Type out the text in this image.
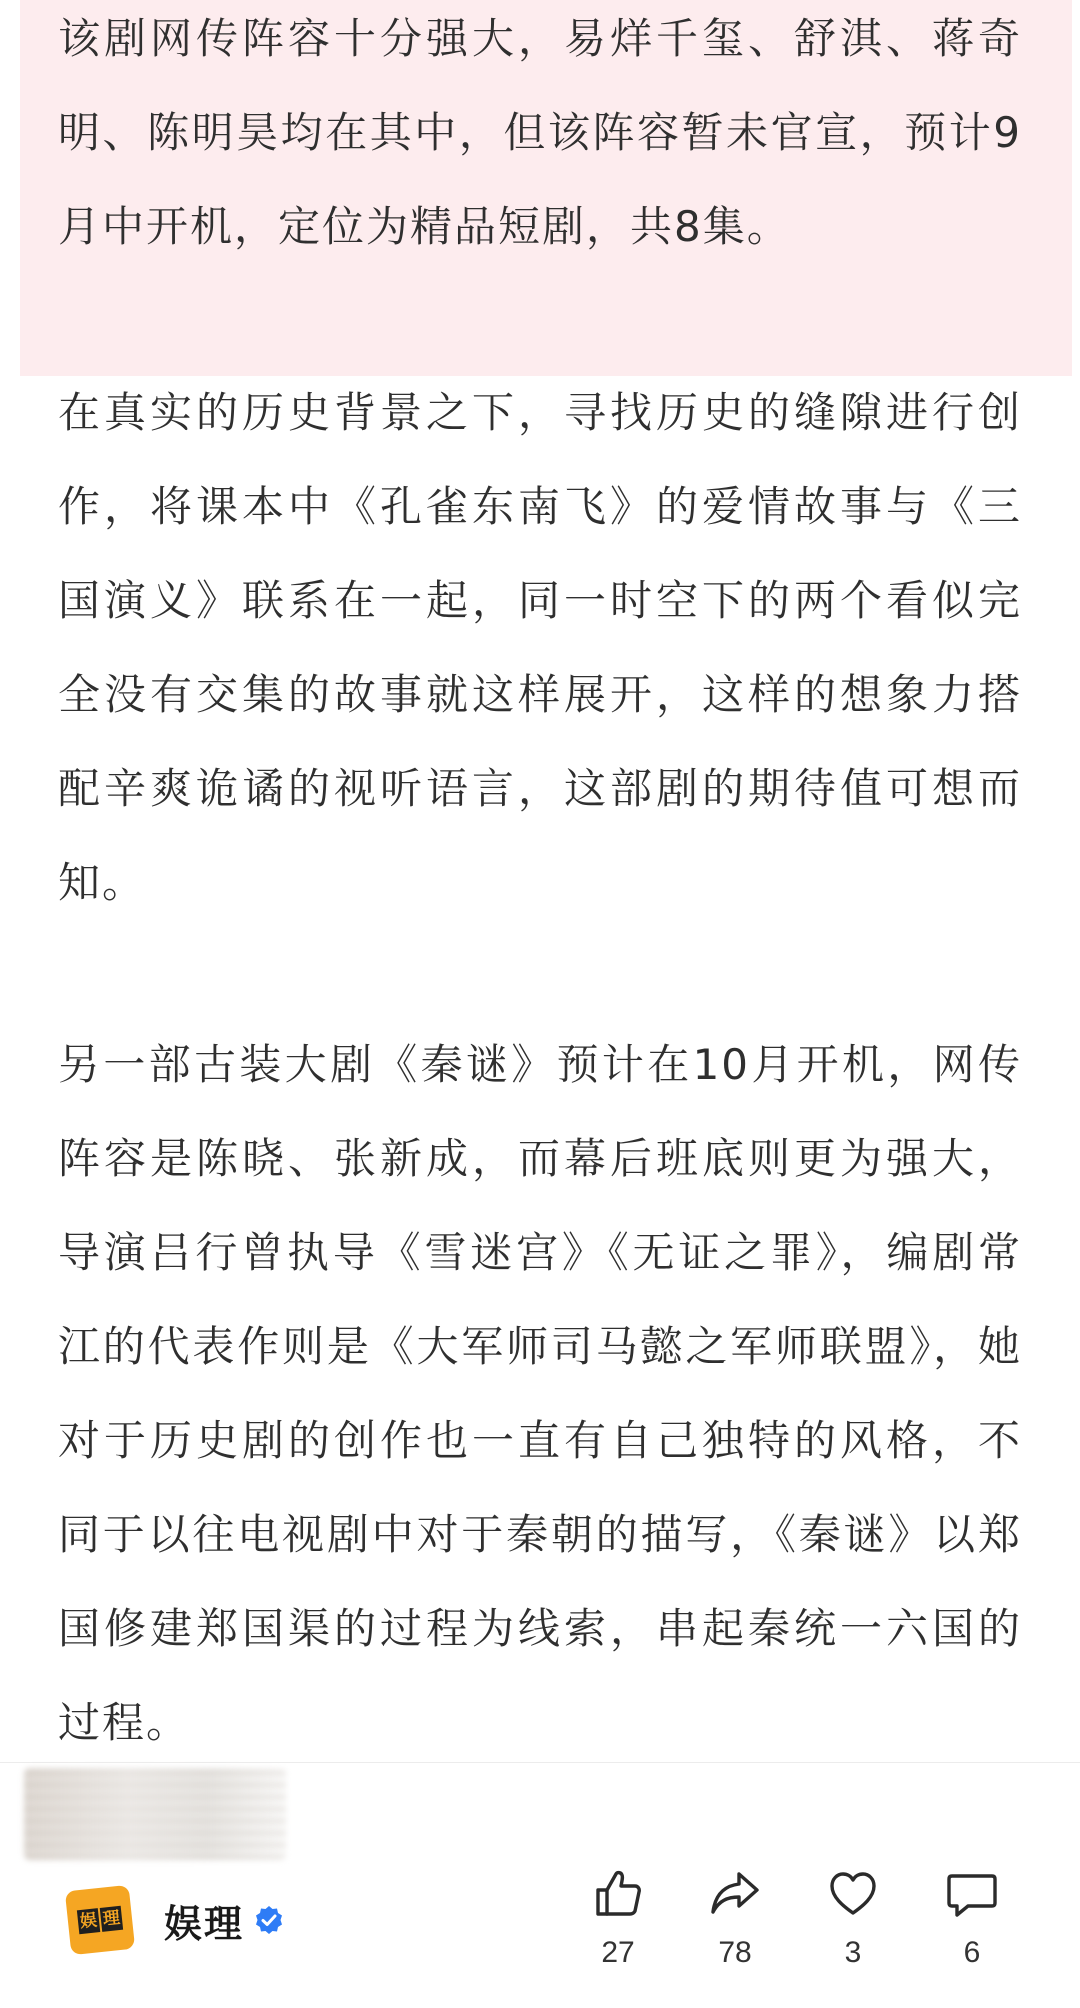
该剧网传阵容十分强大，易烊千玺、舒淇、蒋奇明、陈明昊均在其中，但该阵容暂未官宣，预计9月中开机，定位为精品短剧，共8集。

在真实的历史背景之下，寻找历史的缝隙进行创作，将课本中《孔雀东南飞》的爱情故事与《三国演义》联系在一起，同一时空下的两个看似完全没有交集的故事就这样展开，这样的想象力搭配辛爽诡谲的视听语言，这部剧的期待值可想而知。

另一部古装大剧《秦谜》预计在10月开机，网传阵容是陈晓、张新成，而幕后班底则更为强大，导演吕行曾执导《雪迷宫》《无证之罪》，编剧常江的代表作则是《大军师司马懿之军师联盟》，她对于历史剧的创作也一直有自己独特的风格，不同于以往电视剧中对于秦朝的描写，《秦谜》以郑国修建郑国渠的过程为线索，串起秦统一六国的过程。

娱 理 娱理
27	78	3	6
